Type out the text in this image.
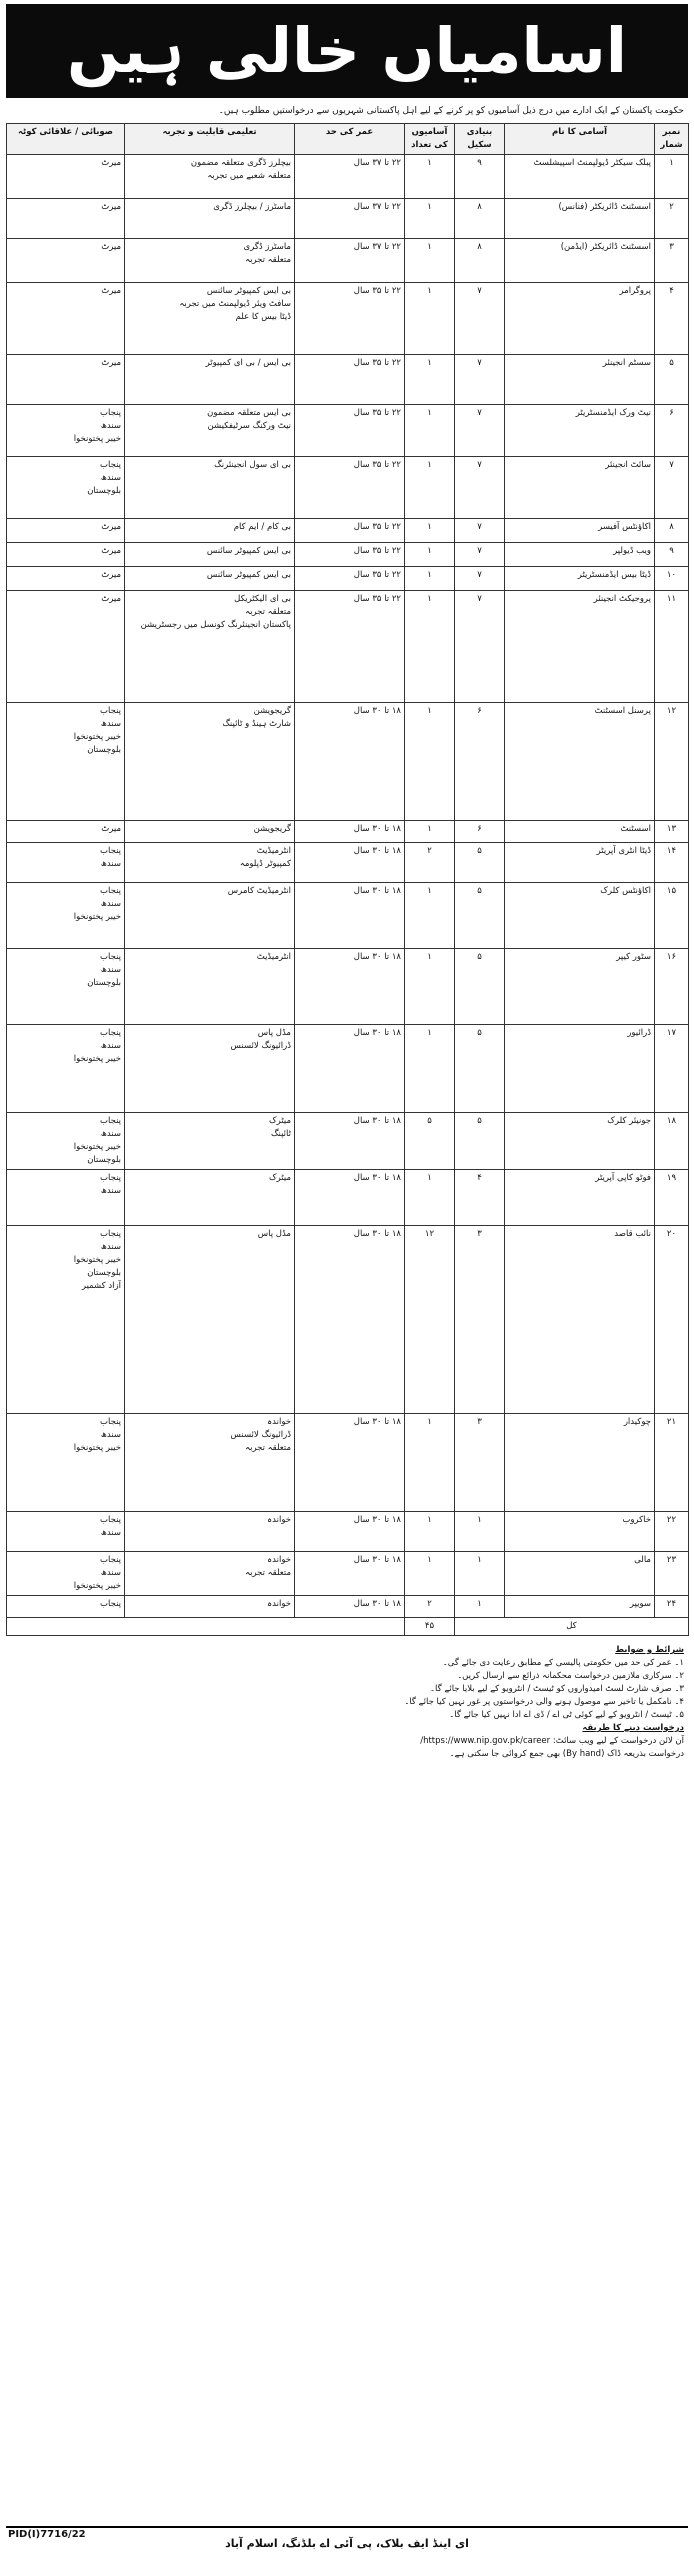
اسامیاں خالی ہیں
حکومت پاکستان کے ایک ادارے میں درج ذیل آسامیوں کو پر کرنے کے لیے اہل پاکستانی شہریوں سے درخواستیں مطلوب ہیں۔
نمبر شمار	آسامی کا نام	بنیادی سکیل	آسامیوں کی تعداد	عمر کی حد	تعلیمی قابلیت و تجربہ	صوبائی / علاقائی کوٹہ
۱	پبلک سیکٹر ڈیولپمنٹ اسپیشلسٹ	۹	۱	۲۲ تا ۳۷ سال	بیچلرز ڈگری متعلقہ مضمون
متعلقہ شعبے میں تجربہ	میرٹ

۲	اسسٹنٹ ڈائریکٹر (فنانس)	۸	۱	۲۲ تا ۳۷ سال	ماسٹرز / بیچلرز ڈگری	میرٹ

۳	اسسٹنٹ ڈائریکٹر (ایڈمن)	۸	۱	۲۲ تا ۳۷ سال	ماسٹرز ڈگری
متعلقہ تجربہ	میرٹ

۴	پروگرامر	۷	۱	۲۲ تا ۳۵ سال	بی ایس کمپیوٹر سائنس
سافٹ ویئر ڈیولپمنٹ میں تجربہ
ڈیٹا بیس کا علم	میرٹ

۵	سسٹم انجینئر	۷	۱	۲۲ تا ۳۵ سال	بی ایس / بی ای کمپیوٹر	میرٹ

۶	نیٹ ورک ایڈمنسٹریٹر	۷	۱	۲۲ تا ۳۵ سال	بی ایس متعلقہ مضمون
نیٹ ورکنگ سرٹیفکیشن	پنجاب
سندھ
خیبر پختونخوا

۷	سائٹ انجینئر	۷	۱	۲۲ تا ۳۵ سال	بی ای سول انجینئرنگ	پنجاب
سندھ
بلوچستان

۸	اکاؤنٹس آفیسر	۷	۱	۲۲ تا ۳۵ سال	بی کام / ایم کام	میرٹ

۹	ویب ڈیولپر	۷	۱	۲۲ تا ۳۵ سال	بی ایس کمپیوٹر سائنس	میرٹ

۱۰	ڈیٹا بیس ایڈمنسٹریٹر	۷	۱	۲۲ تا ۳۵ سال	بی ایس کمپیوٹر سائنس	میرٹ

۱۱	پروجیکٹ انجینئر	۷	۱	۲۲ تا ۳۵ سال	بی ای الیکٹریکل
متعلقہ تجربہ
پاکستان انجینئرنگ کونسل میں رجسٹریشن	میرٹ

۱۲	پرسنل اسسٹنٹ	۶	۱	۱۸ تا ۳۰ سال	گریجویشن
شارٹ ہینڈ و ٹائپنگ	پنجاب
سندھ
خیبر پختونخوا
بلوچستان

۱۳	اسسٹنٹ	۶	۱	۱۸ تا ۳۰ سال	گریجویشن	میرٹ

۱۴	ڈیٹا انٹری آپریٹر	۵	۲	۱۸ تا ۳۰ سال	انٹرمیڈیٹ
کمپیوٹر ڈپلومہ	پنجاب
سندھ

۱۵	اکاؤنٹس کلرک	۵	۱	۱۸ تا ۳۰ سال	انٹرمیڈیٹ کامرس	پنجاب
سندھ
خیبر پختونخوا

۱۶	سٹور کیپر	۵	۱	۱۸ تا ۳۰ سال	انٹرمیڈیٹ	پنجاب
سندھ
بلوچستان

۱۷	ڈرائیور	۵	۱	۱۸ تا ۳۰ سال	مڈل پاس
ڈرائیونگ لائسنس	پنجاب
سندھ
خیبر پختونخوا

۱۸	جونیئر کلرک	۵	۵	۱۸ تا ۳۰ سال	میٹرک
ٹائپنگ	پنجاب
سندھ
خیبر پختونخوا
بلوچستان

۱۹	فوٹو کاپی آپریٹر	۴	۱	۱۸ تا ۳۰ سال	میٹرک	پنجاب
سندھ

۲۰	نائب قاصد	۳	۱۲	۱۸ تا ۳۰ سال	مڈل پاس	پنجاب
سندھ
خیبر پختونخوا
بلوچستان
آزاد کشمیر

۲۱	چوکیدار	۳	۱	۱۸ تا ۳۰ سال	خواندہ
ڈرائیونگ لائسنس
متعلقہ تجربہ	پنجاب
سندھ
خیبر پختونخوا

۲۲	خاکروب	۱	۱	۱۸ تا ۳۰ سال	خواندہ	پنجاب
سندھ

۲۳	مالی	۱	۱	۱۸ تا ۳۰ سال	خواندہ
متعلقہ تجربہ	پنجاب
سندھ
خیبر پختونخوا

۲۴	سویپر	۱	۲	۱۸ تا ۳۰ سال	خواندہ	پنجاب

کل			۴۵			
شرائط و ضوابط
۱۔ عمر کی حد میں حکومتی پالیسی کے مطابق رعایت دی جائے گی۔
۲۔ سرکاری ملازمین درخواست محکمانہ ذرائع سے ارسال کریں۔
۳۔ صرف شارٹ لسٹ امیدواروں کو ٹیسٹ / انٹرویو کے لیے بلایا جائے گا۔
۴۔ نامکمل یا تاخیر سے موصول ہونے والی درخواستوں پر غور نہیں کیا جائے گا۔
۵۔ ٹیسٹ / انٹرویو کے لیے کوئی ٹی اے / ڈی اے ادا نہیں کیا جائے گا۔
درخواست دینے کا طریقہ
آن لائن درخواست کے لیے ویب سائٹ: https://www.nip.gov.pk/career/
درخواست بذریعہ ڈاک (By hand) بھی جمع کروائی جا سکتی ہے۔
ای اینڈ ایف بلاک، پی آئی اے بلڈنگ، اسلام آباد
PID(I)7716/22
